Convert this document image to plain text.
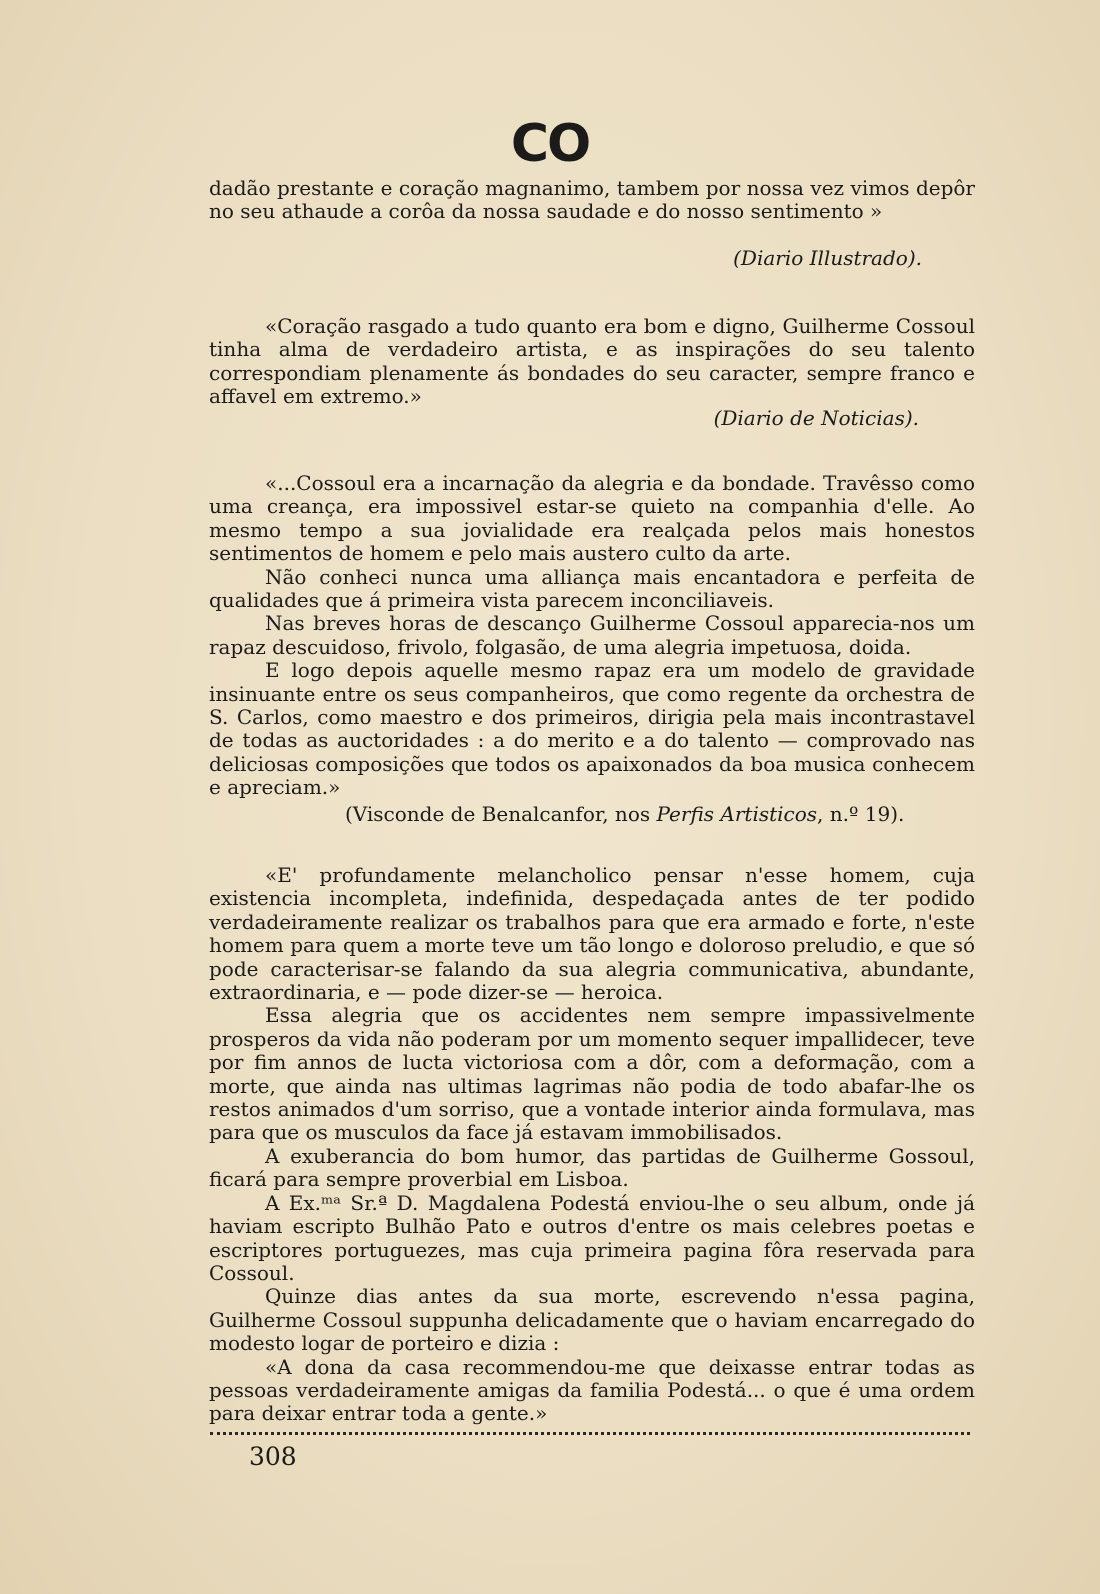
CO

dadão prestante e coração magnanimo, tambem por nossa vez vimos depôr no seu athaude a corôa da nossa saudade e do nosso sentimento »

(Diario Illustrado).

«Coração rasgado a tudo quanto era bom e digno, Guilherme Cossoul tinha alma de verdadeiro artista, e as inspirações do seu talento correspondiam plenamente ás bondades do seu caracter, sempre franco e affavel em extremo.»

(Diario de Noticias).

«...Cossoul era a incarnação da alegria e da bondade. Travêsso como uma creança, era impossivel estar-se quieto na companhia d'elle. Ao mesmo tempo a sua jovialidade era realçada pelos mais honestos sentimentos de homem e pelo mais austero culto da arte.

Não conheci nunca uma alliança mais encantadora e perfeita de qualidades que á primeira vista parecem inconciliaveis.

Nas breves horas de descanço Guilherme Cossoul apparecia-nos um rapaz descuidoso, frivolo, folgasão, de uma alegria impetuosa, doida.

E logo depois aquelle mesmo rapaz era um modelo de gravidade insinuante entre os seus companheiros, que como regente da orchestra de S. Carlos, como maestro e dos primeiros, dirigia pela mais incontrastavel de todas as auctoridades : a do merito e a do talento — comprovado nas deliciosas composições que todos os apaixonados da boa musica conhecem e apreciam.»

(Visconde de Benalcanfor, nos Perfis Artisticos, n.º 19).

«E' profundamente melancholico pensar n'esse homem, cuja existencia incompleta, indefinida, despedaçada antes de ter podido verdadeiramente realizar os trabalhos para que era armado e forte, n'este homem para quem a morte teve um tão longo e doloroso preludio, e que só pode caracterisar-se falando da sua alegria communicativa, abundante, extraordinaria, e — pode dizer-se — heroica.

Essa alegria que os accidentes nem sempre impassivelmente prosperos da vida não poderam por um momento sequer impallidecer, teve por fim annos de lucta victoriosa com a dôr, com a deformação, com a morte, que ainda nas ultimas lagrimas não podia de todo abafar-lhe os restos animados d'um sorriso, que a vontade interior ainda formulava, mas para que os musculos da face já estavam immobilisados.

A exuberancia do bom humor, das partidas de Guilherme Gossoul, ficará para sempre proverbial em Lisboa.

A Ex.ᵐᵃ Sr.ª D. Magdalena Podestá enviou-lhe o seu album, onde já haviam escripto Bulhão Pato e outros d'entre os mais celebres poetas e escriptores portuguezes, mas cuja primeira pagina fôra reservada para Cossoul.

Quinze dias antes da sua morte, escrevendo n'essa pagina, Guilherme Cossoul suppunha delicadamente que o haviam encarregado do modesto logar de porteiro e dizia :

«A dona da casa recommendou-me que deixasse entrar todas as pessoas verdadeiramente amigas da familia Podestá... o que é uma ordem para deixar entrar toda a gente.»

308
